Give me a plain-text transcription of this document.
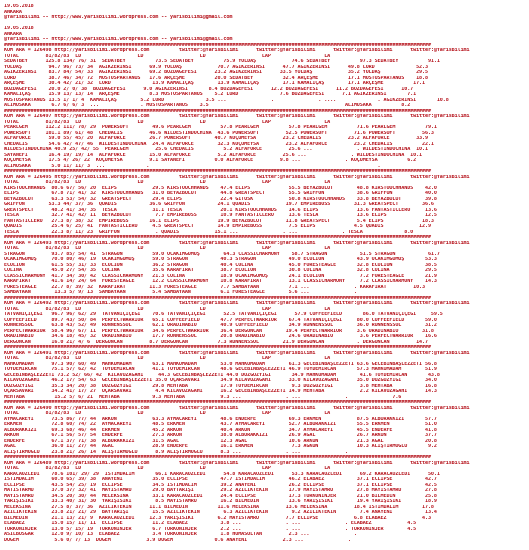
19.05.2018
ANKARA
@YarisBilimi -- http://www.yarisbilimi.wordpress.com -- yarisbilimi@gmail.com
19.05.2018
ANKARA
@YarisBilimi -- http://www.yarisbilimi.wordpress.com -- yarisbilimi@gmail.com
################################################################################################################################################
KUM ARA = 126498 http://yarisbilimi.wordpress.com          twitter:@YarisBilimi      twitter:@YarisBilimi      twitter:@YarisBilimi      twitter:@YarisBilimi
TOTAL         81/82/83  LD                   LD                   LD                   LAP                  LA
SEDATBEY      125.8 134/ 76/ 31  SEDATBEY          73.5 SEDATBEY          75.9 YOLDAŞ            74.6 SEDATBEY          97.3 SEDATBEY          91.1
YOLDAŞ         94.7 96/ 73/ 34  AGIKZERINSI      69.9 YOLDAŞ            70.7 AGIKZERINSI      47.7 AGIKZERINSI      49.8 LORD              52.3
AGIKZERINSI    83.7 84/ 54/ 33  AGIKZERINSI      69.2 BOZDAĞEFESI      23.2 AGIKZERINSI      33.5 YOLDAŞ            35.2 YOLDAŞ            29.5
LORD           38.7 46/ 34/ 72  MOSTOSPARTANUS   17.6 ARÇEŞME          20.0 SEDATBEY          32.4 ARÇEŞME          17.1 MOSTOSPARTANUS    18.8
ARÇEŞME        30.4 42/ 21/ 32  LORD              13.9 KAMALIÇAŞ        13.9 KAMALIÇAŞ        17.1 KAMALIÇAŞ        17.1 ARÇEŞME          17.1
BOZDAĞEFESI    20.0 2/ 0/ 38  BOZDAĞEFESI      9.0 AGIKZERINSI       8.4 BOZDAĞEFESI      12.2 BOZDAĞEFESI      11.2 BOZDAĞEFESI      10.7
KAMALIÇAŞ      15.9 13/ 13/ 14  ARÇEŞME          8.3 MOSTOSPARTANUS    5.2 LORD              7.6 BOZDAĞEFESI      7.1 AGIKZERINSI       7.1
MOSTOSPARTANUS 13.5 1/ 1/ 4  KAMALIÇAŞ        5.2 LORD              3.5 ...               .               . ....              . AGIKZERINSI       10.8
ALİMUSAKA       6.7 6/ 6/ 3  ...              . MOSTOSPARTANUS    3.5                                              ALİMUSAKA          8.2
################################################################################################################################################
KUM ARA = 126497 http://yarisbilimi.wordpress.com          twitter:@YarisBilimi      twitter:@YarisBilimi      twitter:@YarisBilimi      twitter:@YarisBilimi
TOTAL         81/82/83  LD                   LD                   LD                   LAP                  LA
PEARLGEM      112.2 111/ 78/ 29  POWERSOFT        49.6 PEARLGEM          57.8 PEARLGEM          57.8 PEARLGEM          71.6 PEARLGEM          79.1
POWERSOFT     101.1 89/ 61/ 48  CHEDALIS         46.6 WILDESTINDOCHINA  43.6 POWERSOFT         52.5 POWERSOFT         71.6 POWERSOFT         56.3
ALFAFORCE      59.0 55/ 45/ 20  ALFAFORCE        26.7 POWERSOFT        40.7 KOÇUMEYSA         23.2 CHEDALIS         23.2 ALFAFORCE         33.9
CHEDALIS       54.6 42/ 47/ 46  WILDESTINDOCHINA  24.4 ALFAFORCE        32.3 KOÇUMEYSA         23.2 ALFAFORCE         23.2 CHEDALIS          22.1
WILDESTINDOCHINA 40.9 25/ 42/ 55  PEARLGEM         25.6 CHEDALIS          5.2 ALFAFORCE         25.6 ...               . WILDESTINDOCHINA  10.1
SAYANEFI       16.4 19/ 19/ 14  ALFAFORCE        15.0 ALFAFORCE         5.2 ALFAFORCE         25.6 ...               . WILDESTINDOCHINA  10.1
KOÇUMEYSA      17.5 4/ 26/ 22  KOÇUMEYSA         9.1 SAYANEFI          0.0 ALFAFORCE         9.8 ...               . KOÇUMEYSA          6.2
ALİMUSAKA       5.0 11/ 11/ 3  ...              .                                                                             .
################################################################################################################################################
KUM ARA = 126495 http://yarisbilimi.wordpress.com          twitter:@YarisBilimi      twitter:@YarisBilimi      twitter:@YarisBilimi      twitter:@YarisBilimi
TOTAL         81/82/83  LD                   LD                   LD                   LAP                  LA
KIRSTOUCHHANDS  80.6 67/ 56/ 20  ELIPS            29.5 KIRSTOUCHHANDS    47.4 ELIPS             55.5 BEYAZBULUT        48.8 KIRSTOUCHHANDS    42.0
ELIPS           67.8 71/ 41/ 32  KIRSTOUCHHANDS   31.0 BEYAZBULUT        44.8 GREATSPECT        55.5 GRIFFON           38.6 GRIFFON           40.0
BEYAZBULUT      63.3 53/ 54/ 32  GREATSPECT       29.4 ELIPS             22.4 GITUSK            50.8 KIRSTOUCHHANDS    33.8 BEYAZBULUT        39.8
GRIFFON        53.3 44/ 37/ 36  QUADIS           36.6 GRIFFON           24.1 QUADIS            19.7 EMPIREBOSS        31.3 GREATSPECT        36.6
GREATSPECT      48.2 41/ 34/ 35  TESLA            31.1 TESLA             20.1 KIRSTOUCHHANDS    14.6 ELIPS             13.6 FANTASTICLERO     13.6
TESLA           32.7 41/ 42/ 11  BEYAZBULUT        7.7 EMPIREBOSS        10.9 FANTASTICLERO     13.6 TESLA             13.6 ELIPS             12.5
FANTASTICLERO   27.3 8/ 38/ 32  EMPIREBOSS       16.1 ELIPS             19.9 BEYAZBULUT        11.8 GREATSPECT         5.4 ELIPS             18.3
QUADIS          25.4 6/ 25/ 41  FANTASTICLERO     4.5 GREATSPECT        14.9 EMPIREBOSS         7.5 ELIPS             4.5 QUADIS            12.9
TESLA           22.3 8/ 11/ 23  GRIFFON            . QUADIS            15.1 ...               . ...               . TESLA              8.0
################################################################################################################################################
KUM ARA = 126493 http://yarisbilimi.wordpress.com          twitter:@YarisBilimi      twitter:@YarisBilimi      twitter:@YarisBilimi      twitter:@YarisBilimi
TOTAL         81/82/83  LD                   LD                   LD                   LAP                  LA
STRAGON         93.7 85/ 54/ 41  STRAGON          59.0 OCAKİMGÜMÜŞ        64.3 CLASSICHARMONY    58.7 STRAGON           51.5 STRAGON           61.7
OCAKİMGÜMÜŞ     70.0 80/ 46/ 19  OCAKİMGÜMÜŞ      59.0 STRAGON           40.3 STRAGON           49.0 ECOLION           43.9 OCAKİMGÜMÜŞ       53.3
ECOLION         61.5 55/ 31/ 33  ECOLION          36.2 STRAGON           40.4 COLINA            45.0 FORESTEAGLE       32.8 ECOLION           38.5
COLINA          45.0 27/ 54/ 35  COLINA           35.6 KARAFIRAT         38.7 ECOLION           30.8 COLINA            32.8 COLINA            29.5
CLASSICHARMONY  41.7 34/ 30/ 42  CLASSICHARMONY   21.3 COLINA            18.9 OCAKİMGÜMÜŞ       24.1 ECOLION            7.2 FORESTEAGLE       21.9
KARAFIRAT       41.6 14/ 24/ 64  FORESTEAGLE      12.2 CLASSICHARMONY    10.8 KARAFIRAT         13.1 CLASSICHARMONY     7.2 CLASSICHARMONY    14.3
FORESTEAGLE     22.7 8/ 39/ 32  KARAFIRAT        11.3 FORESTEAGLE        7.7 SAMBAYAAN          7.1 ...               . KARAFIRAT         10.3
SAMBAYAAN        13.3 5/ 9/ 13  SAMBAYAAN         5.4 SAMBAYAAN          6.1 FORESTEAGLE        5.6 ...               .
################################################################################################################################################
KUM ARA = 126492 http://yarisbilimi.wordpress.com          twitter:@YarisBilimi      twitter:@YarisBilimi      twitter:@YarisBilimi      twitter:@YarisBilimi
TOTAL         81/82/83  LD                   LD                   LD                   LAP                  LA
TATVANİÇİÇEĞİ   96.7 96/ 62/ 29  TATVANİÇİÇEĞİ    70.6 TATVANİÇİÇEĞİ      52.5 TATVANİÇİÇEĞİ      57.9 COFFEEFIELD       86.0 TATVANİÇİÇEĞİ     59.5
COFFEEFIELD     89.7 43/ 50/ 84  PERFECTWARRIOR   65.1 COFFEEFIELD       47.7 PERFECTWARRIOR    67.4 TATVANİÇİÇEĞİ     80.0 COFFEEFIELD       59.0
RÜNNENSSOL      63.8 43/ 52/ 49  RÜNNENSSOL       62.1 ORADINABIO        40.9 COFFEEFIELD       34.9 RÜNNENSSOL        36.0 RÜNNENSSOL        31.2
PERFECTWARRIOR  58.4 96/ 67/ 11  PERFECTWARRIOR   34.6 PERFECTWARRIOR    36.4 DERGUNCAN        19.4 PERFECTWARRIOR     3.6 ORADINABIO        31.8
ORADINABIO      34.6 18/ 45/ 32  ORADINABIO       17.7 RÜNNENSSOL        20.8 ORADINABIO        24.6 ORADINABIO         3.6 PERFECTWARRIOR    16.6
DERGUNCAN       16.0 21/ 4/ 6  DERGUNCAN         8.7 DERGUNCAN          7.3 RÜNNENSSOL        21.9 DERGUNCAN           . DERGUNCAN         14.7
################################################################################################################################################
KUM ARA = 126491 http://yarisbilimi.wordpress.com          twitter:@YarisBilimi      twitter:@YarisBilimi      twitter:@YarisBilimi      twitter:@YarisBilimi
TOTAL         81/82/83  LD                   LD                   LD                   LAP                  LA
MAHKUMADAM      97.3 90/ 60/ 49  MAHKUMADAM       63.1 MAHKUMADAM        53.0 MAHKUMADAM        61.3 GECEBİNBAŞLEZZETİ 63.6 GECEBİNBAŞLEZZETİ 56.8
TOYDEMIRCAN     75.1 57/ 62/ 42  TOYDEMIRCAN      41.1 TOYDEMIRCAN       48.6 GECEBİNBAŞLEZZETİ 46.9 TOYDEMIRCAN       57.3 MAHKUMADAM        51.9
GECEBİNBAŞLEZZETİ 73.2 52/ 66/ 42  KILAVUZAĞAHI     44.3 GECEBİNBAŞLEZZETİ 44.0 DÜZGÜZYİĞİ       34.9 MAHKUMADAM        41.6 TOYDEMIRCAN       43.8
KILAVUZAĞAHI    46.2 17/ 54/ 63  GECEBİNBAŞLEZZETİ 35.0 UÇARSAVARI       34.9 KILAVUZAĞAHI      33.0 KILAVUZAĞAHI      35.0 DÜZGÜZYİĞİ        34.0
DÜZGÜZYİĞİ      35.3 34/ 20/ 38  DÜZGÜZYİĞİ       29.8 MEHTABA           17.9 TOYDEMIRCAN        9.3 DÜZGÜZYİĞİ         3.8 MEHTABA           16.8
UÇARSAVARI      34.2 41/ 17/ 27  UÇARSAVARI        4.4 KILAVUZAĞAHI      16.2 GECEBİNBAŞLEZZETİ 14.9 MEHTABA            2.2 KILAVUZAĞAHI      14.3
MEHTABA          15.2 5/ 6/ 21  MEHTABA           9.3 MEHTABA            9.3 ...               . ...               .               7.6
################################################################################################################################################
KUM ARA = 126490 http://yarisbilimi.wordpress.com          twitter:@YarisBilimi      twitter:@YarisBilimi      twitter:@YarisBilimi      twitter:@YarisBilimi
TOTAL         81/82/83  LD                   LD                   LD                   LAP                  LA
AYMACAREYİ      73.5 86/ 77/ 44  ARKUN            63.3 AYMACAREYİ        48.6 ENDERFE           69.3 ERKMEN            87.5 ALBURAKKIZI       57.7
ERKMEN          72.8 60/ 74/ 22  AYMACAREYİ       48.5 ERKMEN            43.7 AYMACAREYİ        52.7 ALBURAKKIZI       55.5 ERKMEN            51.0
ALBURAKKIZI     69.3 68/ 46/ 44  ERKMEN           45.2 ARKUN             40.4 ARKUN             34.7 AYMACAREYİ        45.5 ENDERFE           41.8
ARKUN           67.1 56/ 57/ 54  ENDERFE          27.3 ARKUN             38.0 ALBURAKKIZI       26.9 AGAL              26.7 ARKUN             37.7
ENDERFE         67.1 37/ 71/ 38  ALBURAKKIZI      31.5 AGAL              12.3 AGAL              10.6 ARKUN             21.3 AGAL              20.8
AGAL            36.0 11/ 27/ 44  AGAL             28.9 ENDERFE           16.1 ERKMEN             7.3 AGKUN             10.3 ALIŞTIRMOĞLU       9.2
ALIŞTIRMOĞLU    23.8 21/ 26/ 14  ALIŞTIRMOĞLU      8.9 ALIŞTIRMOĞLU      8.3 ...               . ...               .
################################################################################################################################################
KUM ARA = 126489 http://yarisbilimi.wordpress.com          twitter:@YarisBilimi      twitter:@YarisBilimi      twitter:@YarisBilimi      twitter:@YarisBilimi
TOTAL         81/82/83  LD                   LD                   LD                   LAP                  LA
KARACAÖZLEDİ    78.6 101/ 29/ 29  İSTIMDALIM       66.1 KARACAÖZLEDİ      54.8 KARACAÖZLEDİ      53.3 KARACAÖZLEDİ      69.2 KARACAÖZLEDİ      50.1
İSTIMDALIM      60.0 65/ 39/ 38  ANAYENİ          35.0 ECLIPSE           47.7 ISTIMDALIM        46.2 ELABAEZ           37.1 ECLIPSE           42.7
ECLIPSE         43.5 54/ 25/ 19  ECLIPSE          34.5 İSTIMDALIM        39.2 ANAYENİ           26.2 ECLIPSE           37.1 ECLIPSE           42.5
MATİSTARMU      37.0 37/ 32/ 41  MAYISTAMRU       29.0 BAYTARIŞİ         29.2 AZILIKTEKIN       17.9 MAYISTAMRU        27.8 MAYISTAMRU        27.8
MAYISTAMRU      34.5 20/ 30/ 44  MELEKSINA        33.1 KARACAÖZLEDİ      24.4 ECLIPSE           17.3 TURKONINJER       21.0 BİLMEDİN          25.8
YARIŞİSIKI      33.3 40/ 31/ 30  YARIŞİSIKI        8.5 MAYISTAMRU        16.2 BİLMEDİN          13.6 YARIŞİSIKI        19.4 YARIŞİSIKI        18.9
MELEKSINA       27.5 8/ 37/ 36  AZILIKTEKIN      11.1 BİLMEDİN          11.6 MELEKSINA         13.6 MELEKSINA         18.4 İSTIMDALIM        17.8
AZILIKTEKIN     23.8 21/ 21/ 29  BAYTARIŞİ        15.5 AZILIKTEKIN        6.3 AZILIKTEKIN        9.2 AZILIKTEKIN        7.4 ANAYENİ           13.4
BİLMEDİN        21.1 13/ 21/ 9  KARACAÖZLEDİ     12.3 YARIŞİSIKI        6.2 MAYISTAMRU         7.7 ECLIPSE            6.8 ELABAEZ            4.3
ELABAEZ         15.0 15/ 11/ 11  ECLIPSE          11.2 ELABAEZ           3.8 ...               . ...               . ELABAEZ            4.5
TURKONINJER     13.0 5/ 15/ 19  TURKONINJER       6.7 TURKONINJER        2.2 ...               . ...               . TURKONINJER        4.5
ASILBUSGAR      12.0 9/ 10/ 13  ELABAEZ           3.4 TURKONINJER        1.8 HUMASULTAN         2.3 ...               .
DUGEM            5.6 0/ 7/ 13  DUGEM            3.9 DUGEM              0.6 ANAYENİ            2.3 ...               .
